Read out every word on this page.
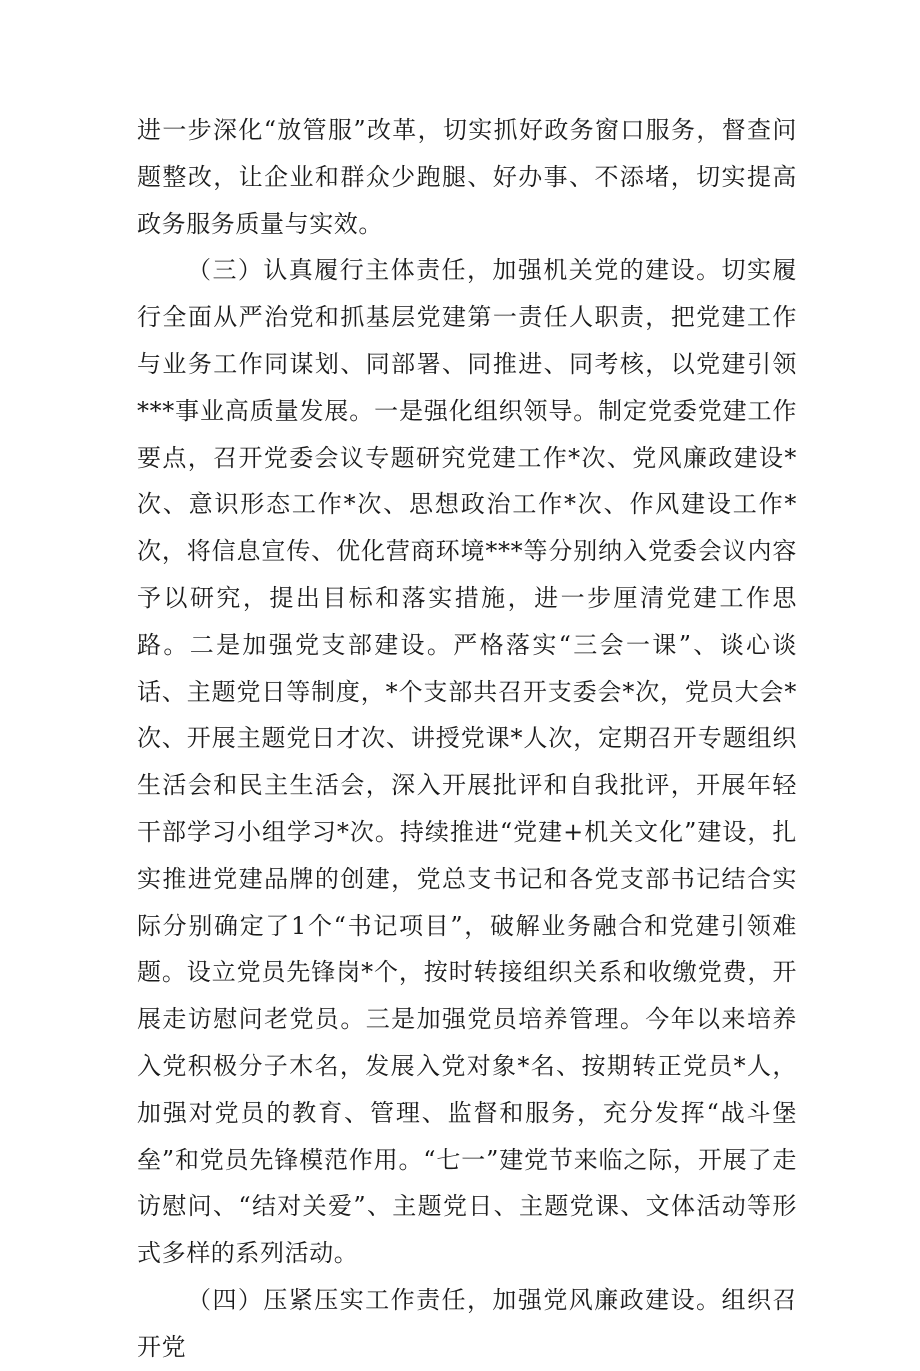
进一步深化“放管服”改革，切实抓好政务窗口服务，督查问题整改，让企业和群众少跑腿、好办事、不添堵，切实提高政务服务质量与实效。

（三）认真履行主体责任，加强机关党的建设。切实履行全面从严治党和抓基层党建第一责任人职责，把党建工作与业务工作同谋划、同部署、同推进、同考核，以党建引领***事业高质量发展。一是强化组织领导。制定党委党建工作要点，召开党委会议专题研究党建工作*次、党风廉政建设*次、意识形态工作*次、思想政治工作*次、作风建设工作*次，将信息宣传、优化营商环境***等分别纳入党委会议内容予以研究，提出目标和落实措施，进一步厘清党建工作思路。二是加强党支部建设。严格落实“三会一课”、谈心谈话、主题党日等制度，*个支部共召开支委会*次，党员大会*次、开展主题党日才次、讲授党课*人次，定期召开专题组织生活会和民主生活会，深入开展批评和自我批评，开展年轻干部学习小组学习*次。持续推进“党建+机关文化”建设，扎实推进党建品牌的创建，党总支书记和各党支部书记结合实际分别确定了1个“书记项目”，破解业务融合和党建引领难题。设立党员先锋岗*个，按时转接组织关系和收缴党费，开展走访慰问老党员。三是加强党员培养管理。今年以来培养入党积极分子木名，发展入党对象*名、按期转正党员*人，加强对党员的教育、管理、监督和服务，充分发挥“战斗堡垒”和党员先锋模范作用。“七一”建党节来临之际，开展了走访慰问、“结对关爱”、主题党日、主题党课、文体活动等形式多样的系列活动。

（四）压紧压实工作责任，加强党风廉政建设。组织召开党
